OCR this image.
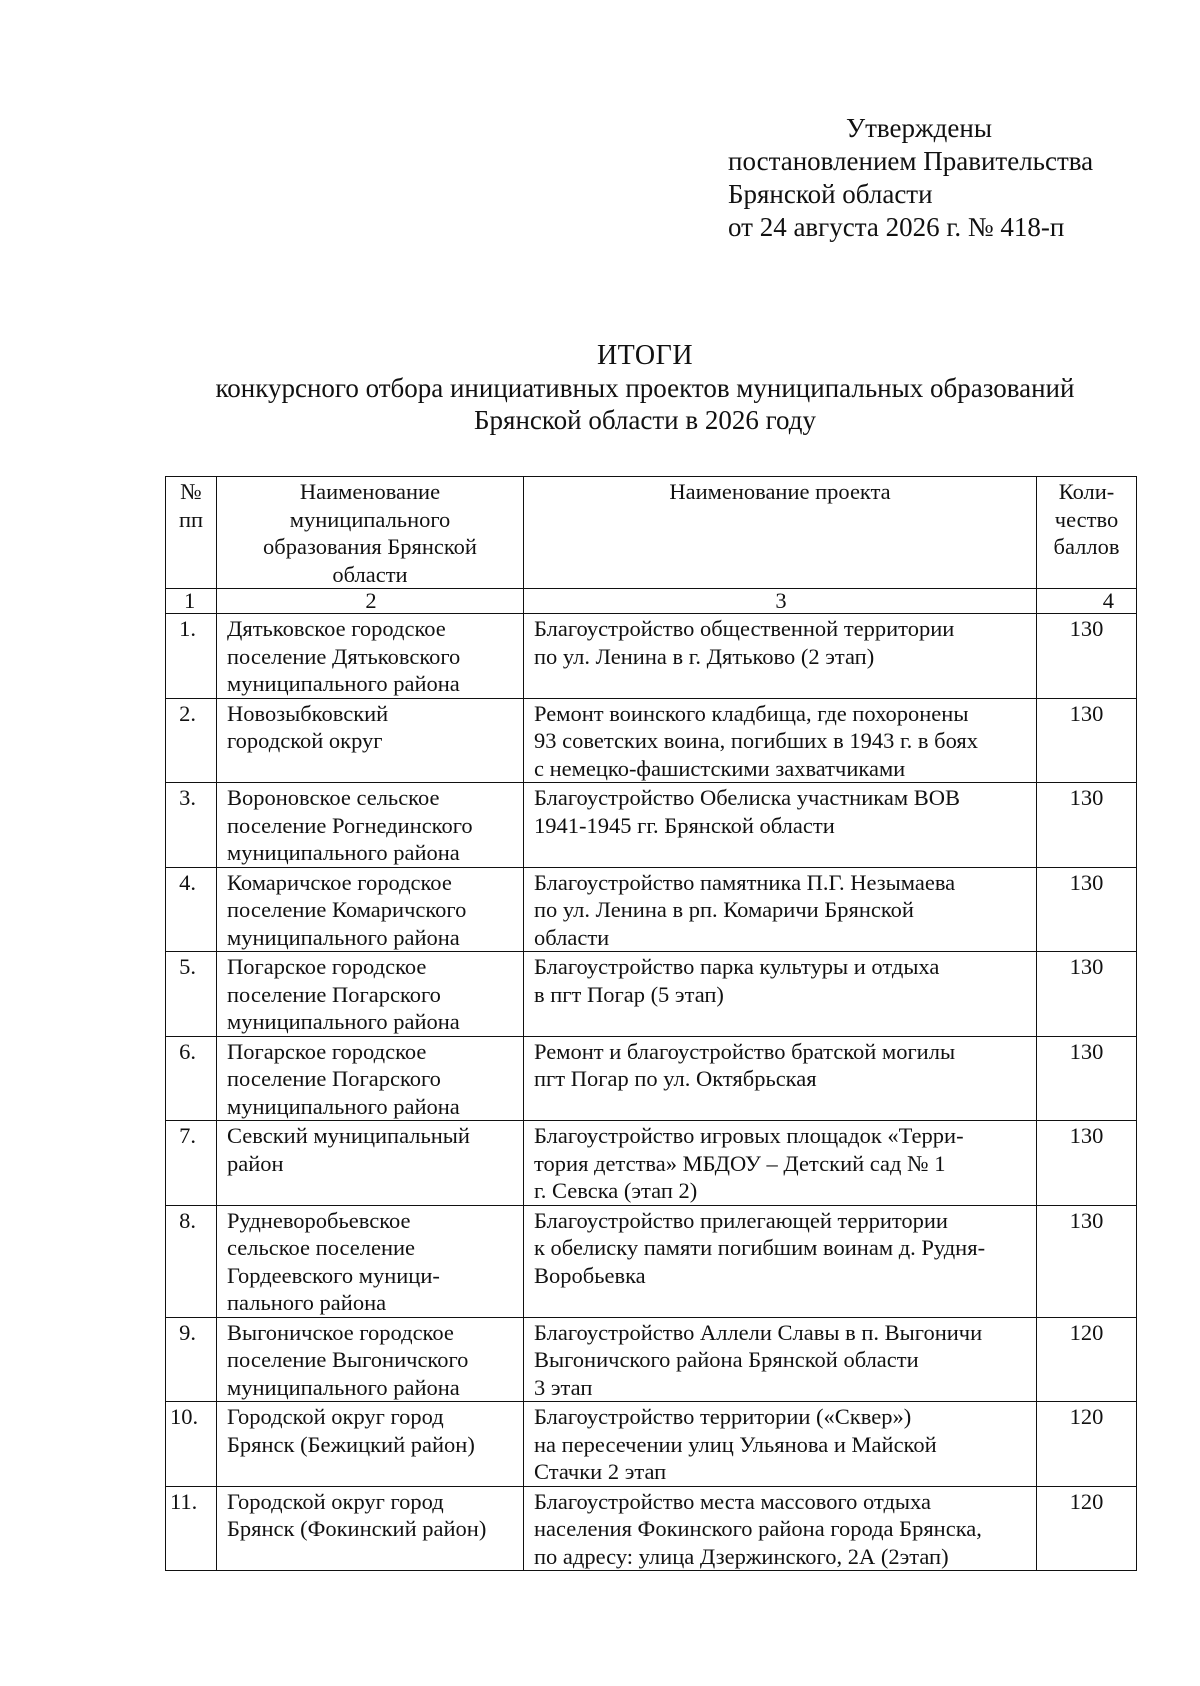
Утверждены
постановлением Правительства
Брянской области
от 24 августа 2026 г. № 418-п
ИТОГИ
конкурсного отбора инициативных проектов муниципальных образований
Брянской области в 2026 году
№
пп	Наименование
муниципального
образования Брянской
области	Наименование проекта	Коли-
чество
баллов

1	2	3	4
1.	Дятьковское городское
поселение Дятьковского
муниципального района	Благоустройство общественной территории
по ул. Ленина в г. Дятьково (2 этап)	130
2.	Новозыбковский
городской округ	Ремонт воинского кладбища, где похоронены
93 советских воина, погибших в 1943 г. в боях
с немецко-фашистскими захватчиками	130
3.	Вороновское сельское
поселение Рогнединского
муниципального района	Благоустройство Обелиска участникам ВОВ
1941-1945 гг. Брянской области	130
4.	Комаричское городское
поселение Комаричского
муниципального района	Благоустройство памятника П.Г. Незымаева
по ул. Ленина в рп. Комаричи Брянской
области	130
5.	Погарское городское
поселение Погарского
муниципального района	Благоустройство парка культуры и отдыха
в пгт Погар (5 этап)	130
6.	Погарское городское
поселение Погарского
муниципального района	Ремонт и благоустройство братской могилы
пгт Погар по ул. Октябрьская	130
7.	Севский муниципальный
район	Благоустройство игровых площадок «Терри-
тория детства» МБДОУ – Детский сад № 1
г. Севска (этап 2)	130
8.	Рудневоробьевское
сельское поселение
Гордеевского муници-
пального района	Благоустройство прилегающей территории
к обелиску памяти погибшим воинам д. Рудня-
Воробьевка	130
9.	Выгоничское городское
поселение Выгоничского
муниципального района	Благоустройство Аллели Славы в п. Выгоничи
Выгоничского района Брянской области
3 этап	120
10.	Городской округ город
Брянск (Бежицкий район)	Благоустройство территории («Сквер»)
на пересечении улиц Ульянова и Майской
Стачки 2 этап	120
11.	Городской округ город
Брянск (Фокинский район)	Благоустройство места массового отдыха
населения Фокинского района города Брянска,
по адресу: улица Дзержинского, 2А (2этап)	120
